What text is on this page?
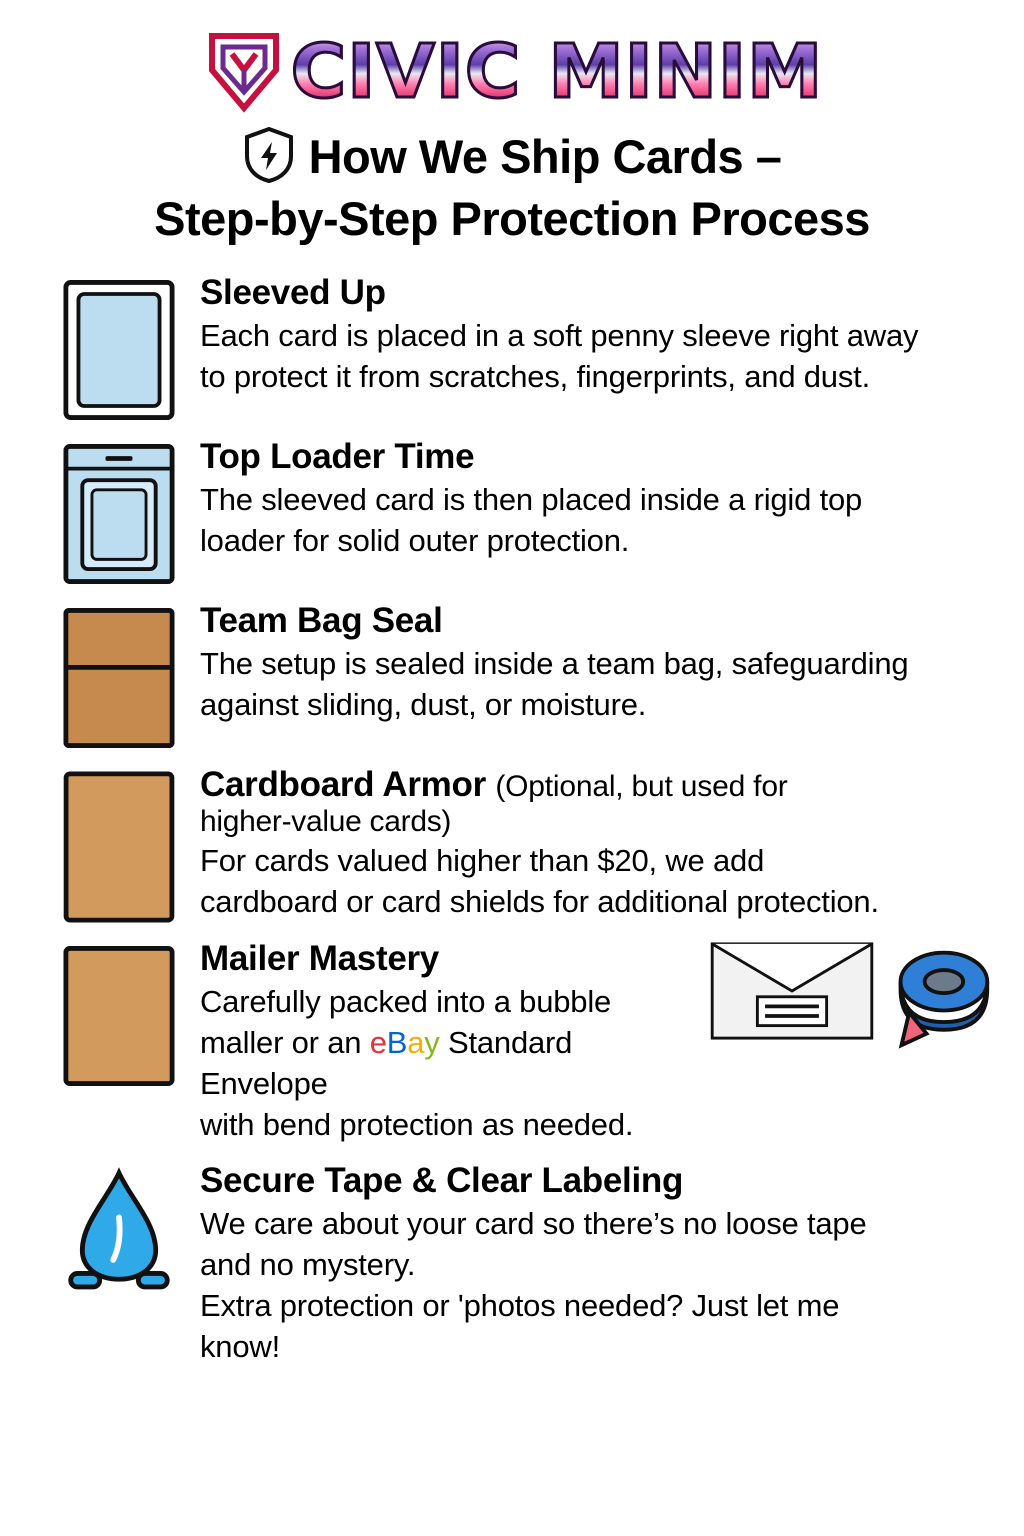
CIVIC MINIM
How We Ship Cards –
Step-by-Step Protection Process
Sleeved Up
Each card is placed in a soft penny sleeve right away
to protect it from scratches, fingerprints, and dust.
Top Loader Time
The sleeved card is then placed inside a rigid top
loader for solid outer protection.
Team Bag Seal
The setup is sealed inside a team bag, safeguarding
against sliding, dust, or moisture.
Cardboard Armor (Optional, but used for
higher-value cards)
For cards valued higher than $20, we add
cardboard or card shields for additional protection.
Mailer Mastery
Carefully packed into a bubble
maller or an eBay Standard Envelope
with bend protection as needed.
Secure Tape & Clear Labeling
We care about your card so there’s no loose tape
and no mystery.
Extra protection or ʹphotos needed? Just let me
know!
